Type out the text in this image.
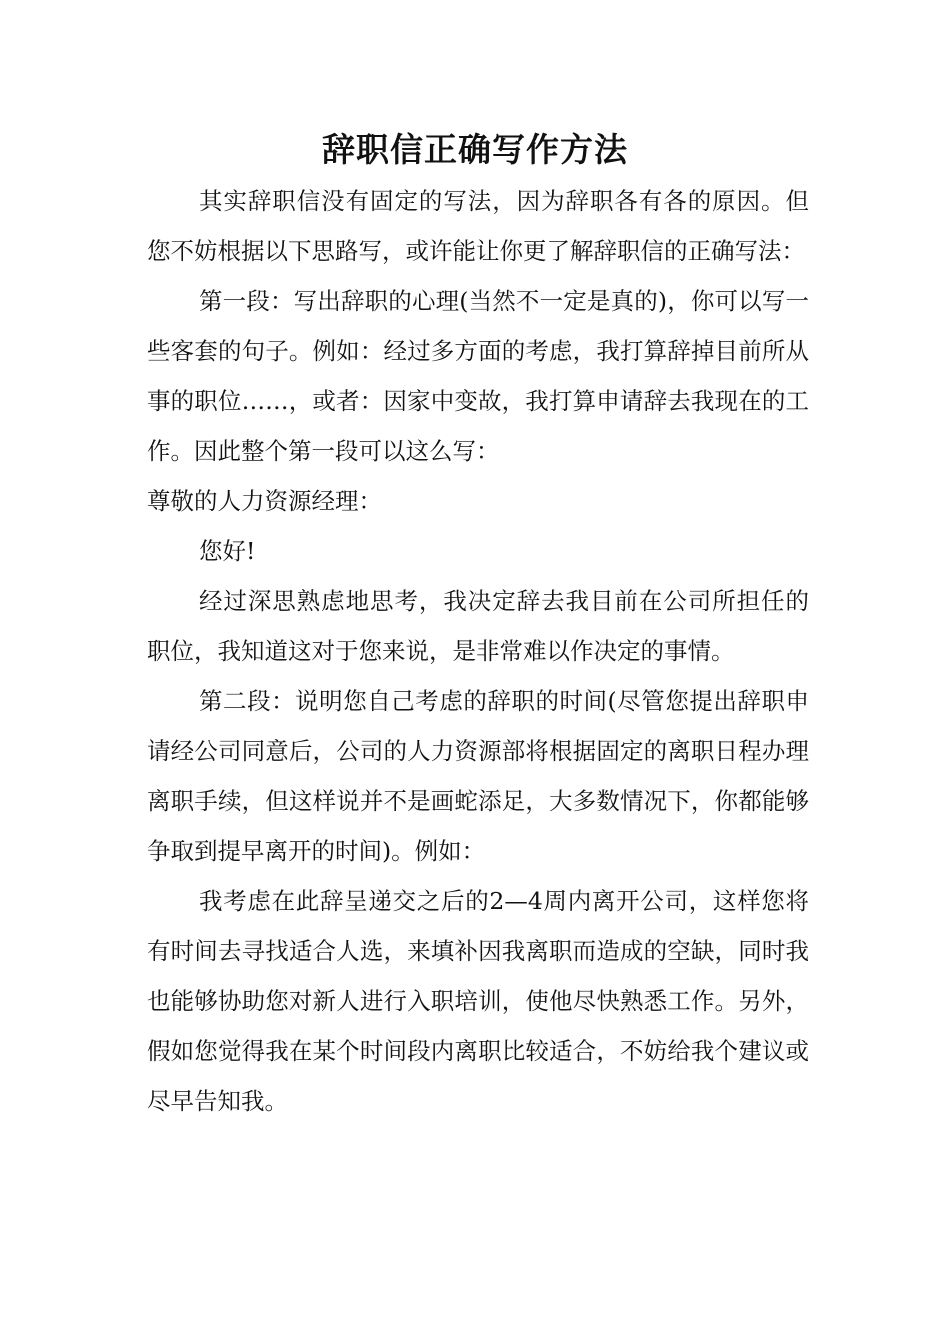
辞职信正确写作方法

其实辞职信没有固定的写法，因为辞职各有各的原因。但您不妨根据以下思路写，或许能让你更了解辞职信的正确写法：

第一段：写出辞职的心理(当然不一定是真的)，你可以写一些客套的句子。例如：经过多方面的考虑，我打算辞掉目前所从事的职位……，或者：因家中变故，我打算申请辞去我现在的工作。因此整个第一段可以这么写：

尊敬的人力资源经理：

您好!

经过深思熟虑地思考，我决定辞去我目前在公司所担任的职位，我知道这对于您来说，是非常难以作决定的事情。

第二段：说明您自己考虑的辞职的时间(尽管您提出辞职申请经公司同意后，公司的人力资源部将根据固定的离职日程办理离职手续，但这样说并不是画蛇添足，大多数情况下，你都能够争取到提早离开的时间)。例如：

我考虑在此辞呈递交之后的2—4周内离开公司，这样您将有时间去寻找适合人选，来填补因我离职而造成的空缺，同时我也能够协助您对新人进行入职培训，使他尽快熟悉工作。另外，假如您觉得我在某个时间段内离职比较适合，不妨给我个建议或尽早告知我。
